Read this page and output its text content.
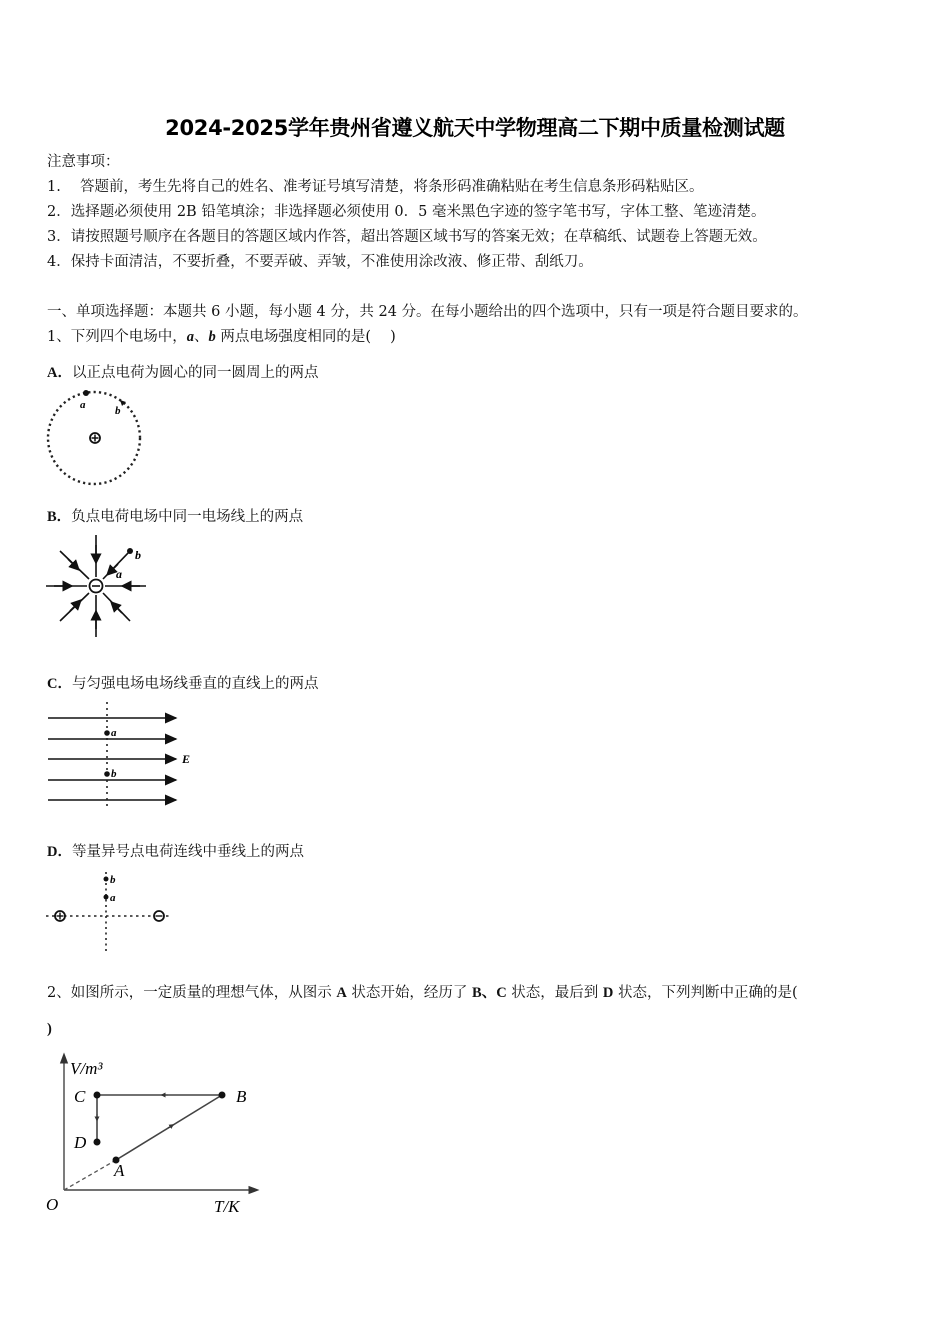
2024-2025学年贵州省遵义航天中学物理高二下期中质量检测试题
注意事项：
1.　 答题前，考生先将自己的姓名、准考证号填写清楚，将条形码准确粘贴在考生信息条形码粘贴区。
2．选择题必须使用 2B 铅笔填涂；非选择题必须使用 0．5 毫米黑色字迹的签字笔书写，字体工整、笔迹清楚。
3．请按照题号顺序在各题目的答题区域内作答，超出答题区域书写的答案无效；在草稿纸、试题卷上答题无效。
4．保持卡面清洁，不要折叠，不要弄破、弄皱，不准使用涂改液、修正带、刮纸刀。
一、单项选择题：本题共 6 小题，每小题 4 分，共 24 分。在每小题给出的四个选项中，只有一项是符合题目要求的。
1、下列四个电场中，a、b 两点电场强度相同的是(　 )
A．以正点电荷为圆心的同一圆周上的两点
a	b
B．负点电荷电场中同一电场线上的两点
b
a
C．与匀强电场电场线垂直的直线上的两点
a
b
E
D．等量异号点电荷连线中垂线上的两点
b
a
2、如图所示，一定质量的理想气体，从图示 A 状态开始，经历了 B、C 状态，最后到 D 状态，下列判断中正确的是(
)
V/m³
T/K
O
A
B
C
D
